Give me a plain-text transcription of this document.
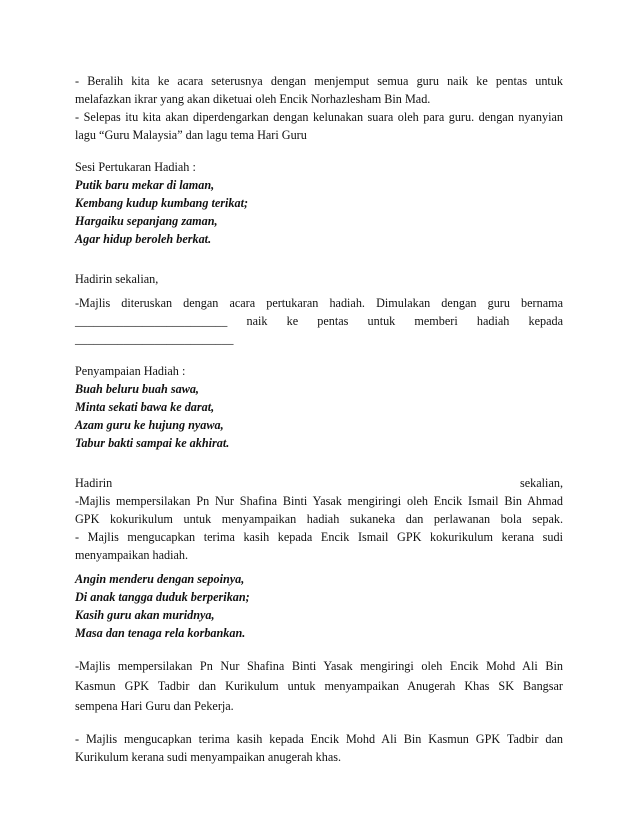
- Beralih kita ke acara seterusnya dengan menjemput semua guru naik ke pentas untuk
melafazkan ikrar yang akan diketuai oleh Encik Norhazlesham Bin Mad.
- Selepas itu kita akan diperdengarkan dengan kelunakan suara oleh para guru. dengan nyanyian
lagu “Guru Malaysia” dan lagu tema Hari Guru
Sesi Pertukaran Hadiah :
Putik baru mekar di laman,
Kembang kudup kumbang terikat;
Hargaiku sepanjang zaman,
Agar hidup beroleh berkat.
Hadirin sekalian,
-Majlis diteruskan dengan acara pertukaran hadiah. Dimulakan dengan guru bernama
_________________________ naik ke pentas untuk memberi hadiah kepada
__________________________
Penyampaian Hadiah :
Buah beluru buah sawa,
Minta sekati bawa ke darat,
Azam guru ke hujung nyawa,
Tabur bakti sampai ke akhirat.
Hadirin	sekalian,
-Majlis mempersilakan Pn Nur Shafina Binti Yasak mengiringi oleh Encik Ismail Bin Ahmad
GPK kokurikulum untuk menyampaikan hadiah sukaneka dan perlawanan bola sepak.
- Majlis mengucapkan terima kasih kepada Encik Ismail GPK kokurikulum kerana sudi
menyampaikan hadiah.
Angin menderu dengan sepoinya,
Di anak tangga duduk berperikan;
Kasih guru akan muridnya,
Masa dan tenaga rela korbankan.
-Majlis mempersilakan Pn Nur Shafina Binti Yasak mengiringi oleh Encik Mohd Ali Bin
Kasmun GPK Tadbir dan Kurikulum untuk menyampaikan Anugerah Khas SK Bangsar
sempena Hari Guru dan Pekerja.
- Majlis mengucapkan terima kasih kepada Encik Mohd Ali Bin Kasmun GPK Tadbir dan
Kurikulum kerana sudi menyampaikan anugerah khas.
